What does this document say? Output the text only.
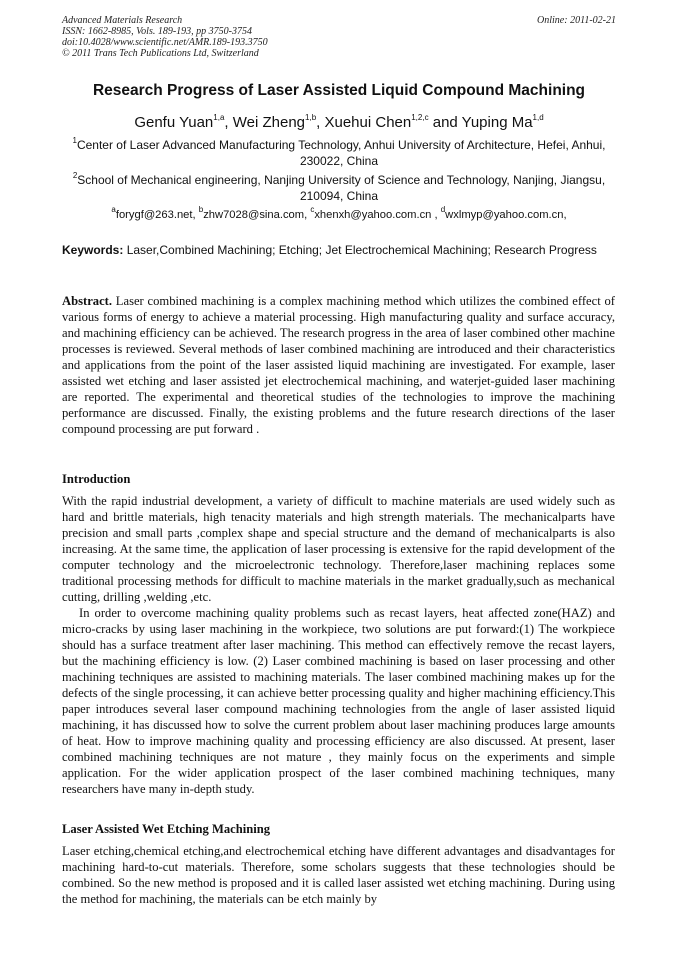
Advanced Materials Research
ISSN: 1662-8985, Vols. 189-193, pp 3750-3754
doi:10.4028/www.scientific.net/AMR.189-193.3750
© 2011 Trans Tech Publications Ltd, Switzerland
Online: 2011-02-21
Research Progress of Laser Assisted Liquid Compound Machining
Genfu Yuan$^{1,a}$, Wei Zheng$^{1,b}$, Xuehui Chen$^{1,2,c}$ and Yuping Ma$^{1,d}$
$^1$Center of Laser Advanced Manufacturing Technology, Anhui University of Architecture, Hefei, Anhui, 230022, China
$^2$School of Mechanical engineering, Nanjing University of Science and Technology, Nanjing, Jiangsu, 210094, China
$^a$forygf@263.net, $^b$zhw7028@sina.com, $^c$xhenxh@yahoo.com.cn , $^d$wxlmyp@yahoo.com.cn,
Keywords: Laser,Combined Machining; Etching; Jet Electrochemical Machining; Research Progress
Abstract. Laser combined machining is a complex machining method which utilizes the combined effect of various forms of energy to achieve a material processing. High manufacturing quality and surface accuracy, and machining efficiency can be achieved. The research progress in the area of laser combined other machine processes is reviewed. Several methods of laser combined machining are introduced and their characteristics and applications from the point of the laser assisted liquid machining are investigated. For example, laser assisted wet etching and laser assisted jet electrochemical machining, and waterjet-guided laser machining are reported. The experimental and theoretical studies of the technologies to improve the machining performance are discussed. Finally, the existing problems and the future research directions of the laser compound processing are put forward .
Introduction

With the rapid industrial development, a variety of difficult to machine materials are used widely such as hard and brittle materials, high tenacity materials and high strength materials. The mechanicalparts have precision and small parts ,complex shape and special structure and the demand of mechanicalparts is also increasing. At the same time, the application of laser processing is extensive for the rapid development of the computer technology and the microelectronic technology. Therefore,laser machining replaces some traditional processing methods for difficult to machine materials in the market gradually,such as mechanical cutting, drilling ,welding ,etc.

In order to overcome machining quality problems such as recast layers, heat affected zone(HAZ) and micro-cracks by using laser machining in the workpiece, two solutions are put forward:(1) The workpiece should has a surface treatment after laser machining. This method can effectively remove the recast layers, but the machining efficiency is low. (2) Laser combined machining is based on laser processing and other machining techniques are assisted to machining materials. The laser combined machining makes up for the defects of the single processing, it can achieve better processing quality and higher machining efficiency.This paper introduces several laser compound machining technologies from the angle of laser assisted liquid machining, it has discussed how to solve the current problem about laser machining produces large amounts of heat. How to improve machining quality and processing efficiency are also discussed. At present, laser combined machining techniques are not mature , they mainly focus on the experiments and simple application. For the wider application prospect of the laser combined machining techniques, many researchers have many in-depth study.

Laser Assisted Wet Etching Machining

Laser etching,chemical etching,and electrochemical etching have different advantages and disadvantages for machining hard-to-cut materials. Therefore, some scholars suggests that these technologies should be combined. So the new method is proposed and it is called laser assisted wet etching machining. During using the method for machining, the materials can be etch mainly by
